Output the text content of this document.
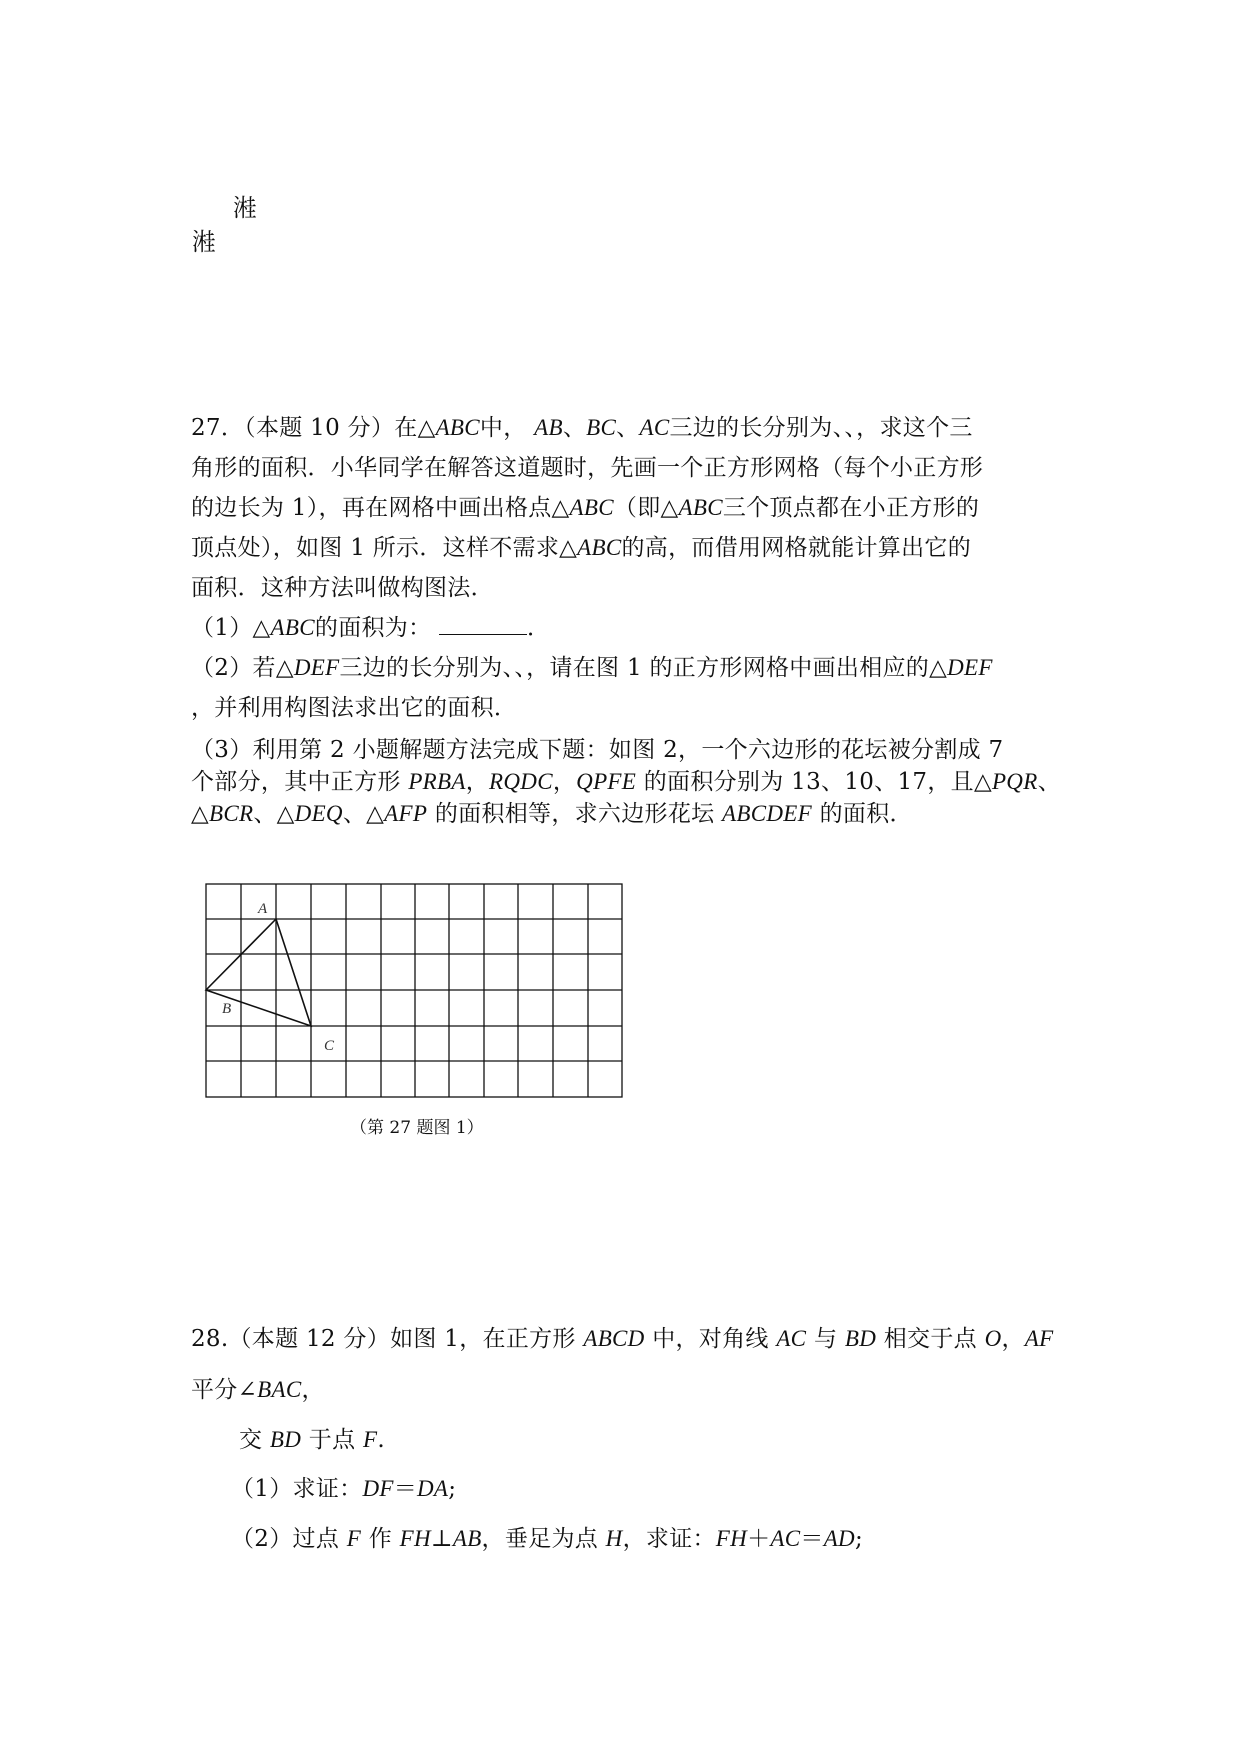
溎
溎
27．（本题 10 分）在△ABC中， AB、BC、AC三边的长分别为、、，求这个三
角形的面积．小华同学在解答这道题时，先画一个正方形网格（每个小正方形
的边长为 1），再在网格中画出格点△ABC（即△ABC三个顶点都在小正方形的
顶点处），如图 1 所示．这样不需求△ABC的高，而借用网格就能计算出它的
面积．这种方法叫做构图法．
（1）△ABC的面积为：	．
（2）若△DEF三边的长分别为、、，请在图 1 的正方形网格中画出相应的△DEF
，并利用构图法求出它的面积．
（3）利用第 2 小题解题方法完成下题：如图 2，一个六边形的花坛被分割成 7
个部分，其中正方形 PRBA，RQDC，QPFE 的面积分别为 13、10、17，且△PQR、
△BCR、△DEQ、△AFP 的面积相等，求六边形花坛 ABCDEF 的面积．
A
B
C
（第 27 题图 1）
28.（本题 12 分）如图 1，在正方形 ABCD 中，对角线 AC 与 BD 相交于点 O，AF
平分∠BAC，
交 BD 于点 F.
（1）求证：DF＝DA;
（2）过点 F 作 FH⊥AB，垂足为点 H，求证：FH＋AC＝AD;
